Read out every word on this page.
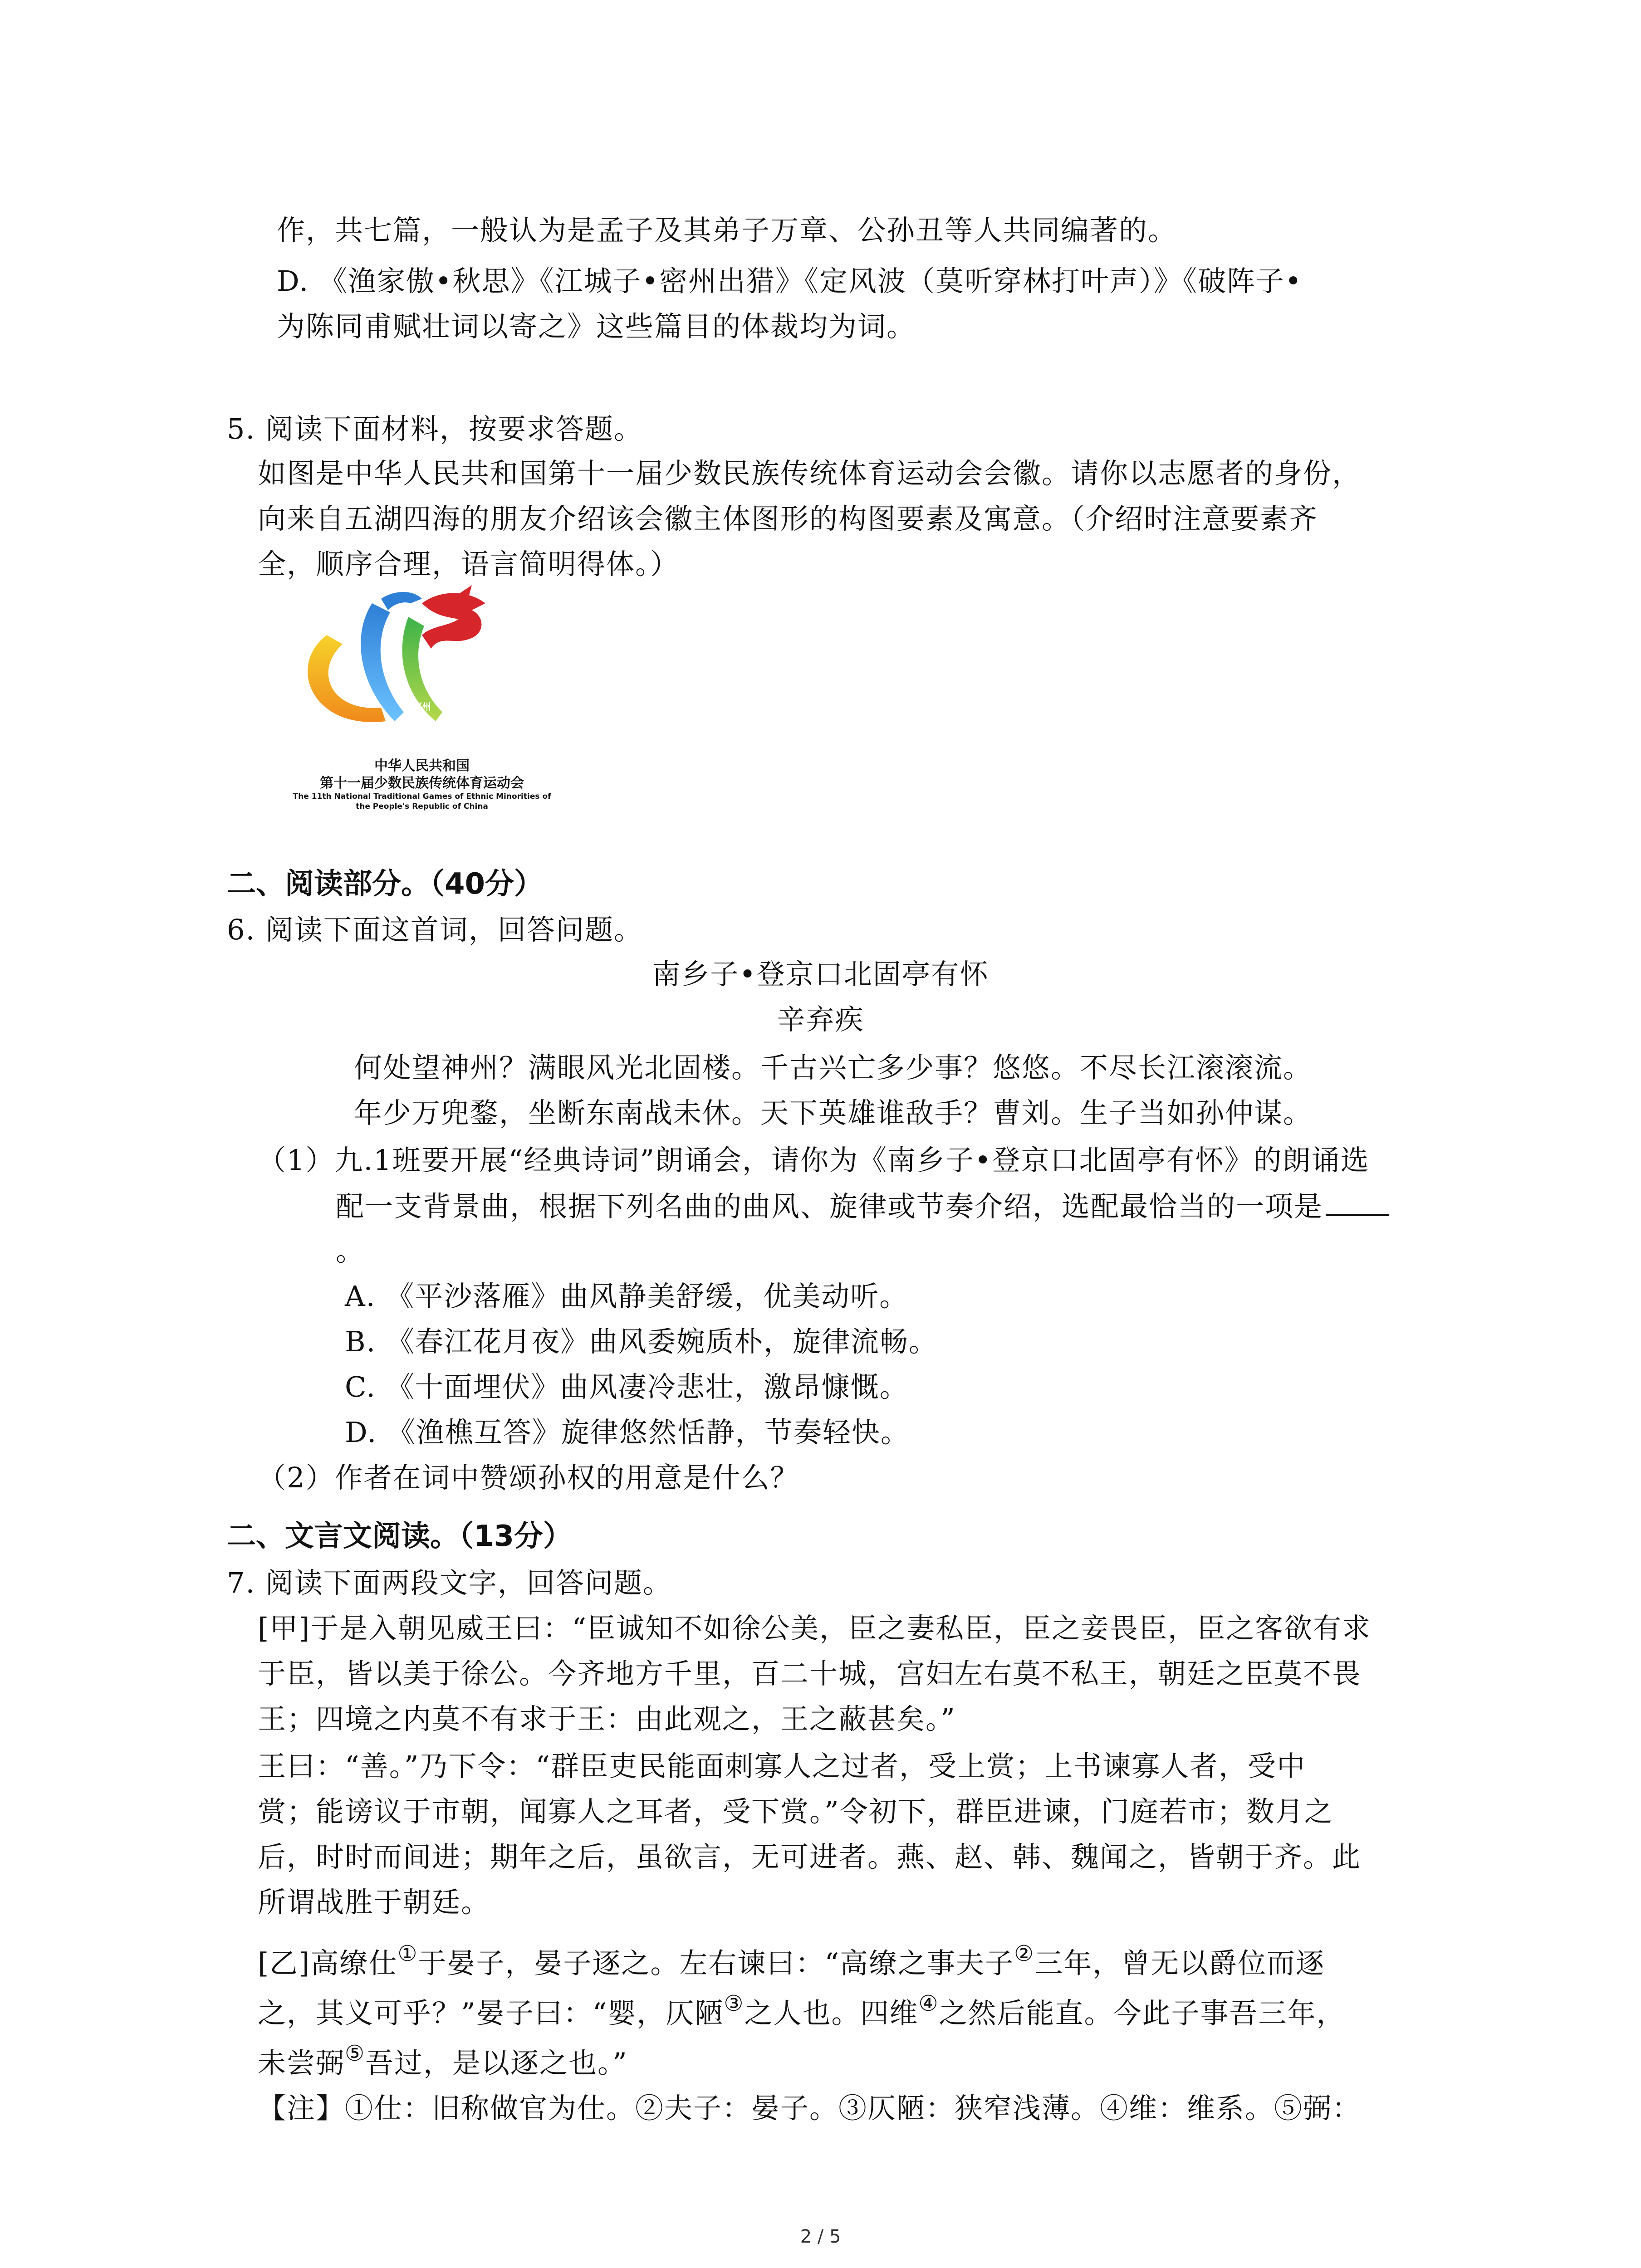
作，共七篇，一般认为是孟子及其弟子万章、公孙丑等人共同编著的。
D. 《渔家傲•秋思》《江城子•密州出猎》《定风波（莫听穿林打叶声）》《破阵子•
为陈同甫赋壮词以寄之》这些篇目的体裁均为词。
5. 阅读下面材料，按要求答题。
如图是中华人民共和国第十一届少数民族传统体育运动会会徽。请你以志愿者的身份，
向来自五湖四海的朋友介绍该会徽主体图形的构图要素及寓意。（介绍时注意要素齐
全，顺序合理，语言简明得体。）
2019	郑州
中华人民共和国
第十一届少数民族传统体育运动会
The 11th National Traditional Games of Ethnic Minorities of
the People's Republic of China
二、阅读部分。（40分）
6. 阅读下面这首词，回答问题。
南乡子•登京口北固亭有怀
辛弃疾
何处望神州？满眼风光北固楼。千古兴亡多少事？悠悠。不尽长江滚滚流。
年少万兜鍪，坐断东南战未休。天下英雄谁敌手？曹刘。生子当如孙仲谋。
（1）九.1班要开展“经典诗词”朗诵会，请你为《南乡子•登京口北固亭有怀》的朗诵选
配一支背景曲，根据下列名曲的曲风、旋律或节奏介绍，选配最恰当的一项是
。
A. 《平沙落雁》曲风静美舒缓，优美动听。
B. 《春江花月夜》曲风委婉质朴，旋律流畅。
C. 《十面埋伏》曲风凄冷悲壮，激昂慷慨。
D. 《渔樵互答》旋律悠然恬静，节奏轻快。
（2）作者在词中赞颂孙权的用意是什么？
二、文言文阅读。（13分）
7. 阅读下面两段文字，回答问题。
[甲]于是入朝见威王曰：“臣诚知不如徐公美，臣之妻私臣，臣之妾畏臣，臣之客欲有求
于臣，皆以美于徐公。今齐地方千里，百二十城，宫妇左右莫不私王，朝廷之臣莫不畏
王；四境之内莫不有求于王：由此观之，王之蔽甚矣。”
王曰：“善。”乃下令：“群臣吏民能面刺寡人之过者，受上赏；上书谏寡人者，受中
赏；能谤议于市朝，闻寡人之耳者，受下赏。”令初下，群臣进谏，门庭若市；数月之
后，时时而间进；期年之后，虽欲言，无可进者。燕、赵、韩、魏闻之，皆朝于齐。此
所谓战胜于朝廷。
[乙]高缭仕①于晏子，晏子逐之。左右谏曰：“高缭之事夫子②三年，曾无以爵位而逐
之，其义可乎？”晏子曰：“婴，仄陋③之人也。四维④之然后能直。今此子事吾三年，
未尝弼⑤吾过，是以逐之也。”
【注】①仕：旧称做官为仕。②夫子：晏子。③仄陋：狭窄浅薄。④维：维系。⑤弼：
2 / 5
